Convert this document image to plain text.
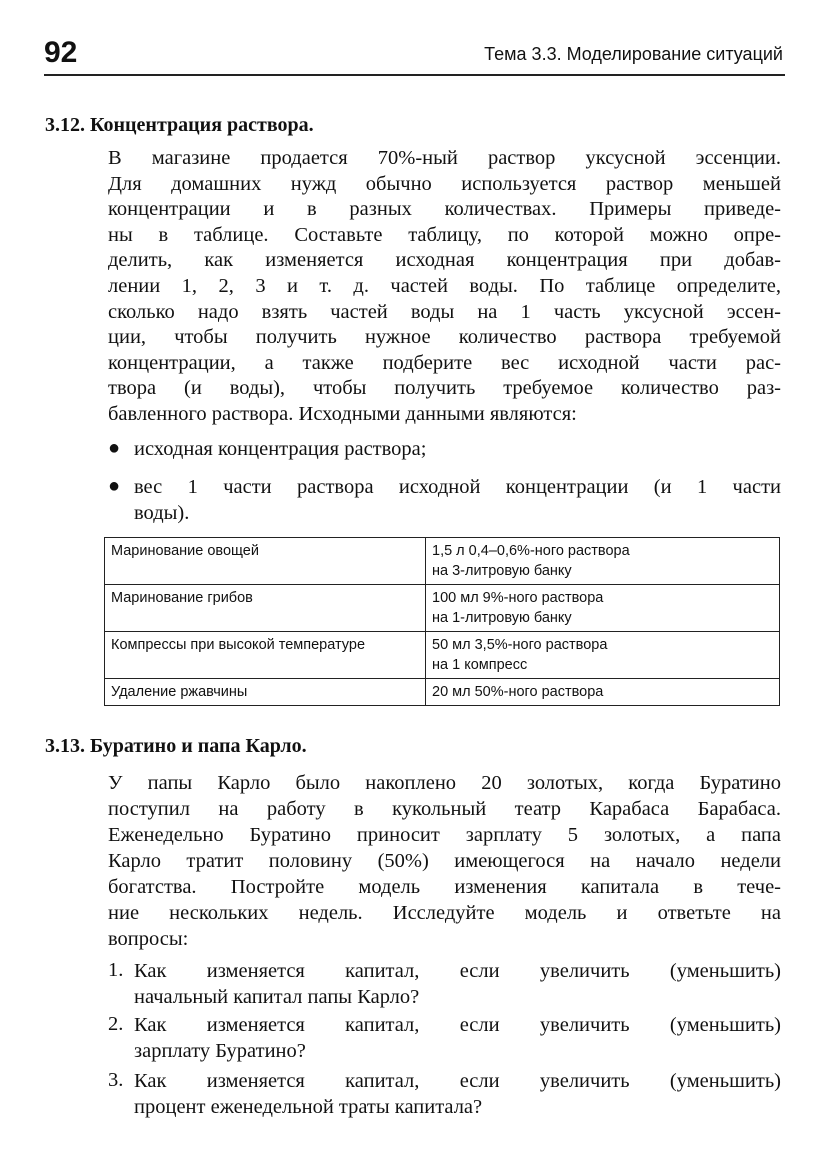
92	Тема 3.3. Моделирование ситуаций
3.12. Концентрация раствора.
В магазине продается 70%-ный раствор уксусной эссенции.
Для домашних нужд обычно используется раствор меньшей
концентрации и в разных количествах. Примеры приведе-
ны в таблице. Составьте таблицу, по которой можно опре-
делить, как изменяется исходная концентрация при добав-
лении 1, 2, 3 и т. д. частей воды. По таблице определите,
сколько надо взять частей воды на 1 часть уксусной эссен-
ции, чтобы получить нужное количество раствора требуемой
концентрации, а также подберите вес исходной части рас-
твора (и воды), чтобы получить требуемое количество раз-
бавленного раствора. Исходными данными являются:
● исходная концентрация раствора;
● вес 1 части раствора исходной концентрации (и 1 части
воды).
Маринование овощей	1,5 л 0,4–0,6%-ного раствора
на 3-литровую банку

Маринование грибов	100 мл 9%-ного раствора
на 1-литровую банку

Компрессы при высокой температуре	50 мл 3,5%-ного раствора
на 1 компресс

Удаление ржавчины	20 мл 50%-ного раствора
3.13. Буратино и папа Карло.
У папы Карло было накоплено 20 золотых, когда Буратино
поступил на работу в кукольный театр Карабаса Барабаса.
Еженедельно Буратино приносит зарплату 5 золотых, а папа
Карло тратит половину (50%) имеющегося на начало недели
богатства. Постройте модель изменения капитала в тече-
ние нескольких недель. Исследуйте модель и ответьте на
вопросы:
1. Как изменяется капитал, если увеличить (уменьшить)
начальный капитал папы Карло?
2. Как изменяется капитал, если увеличить (уменьшить)
зарплату Буратино?
3. Как изменяется капитал, если увеличить (уменьшить)
процент еженедельной траты капитала?
